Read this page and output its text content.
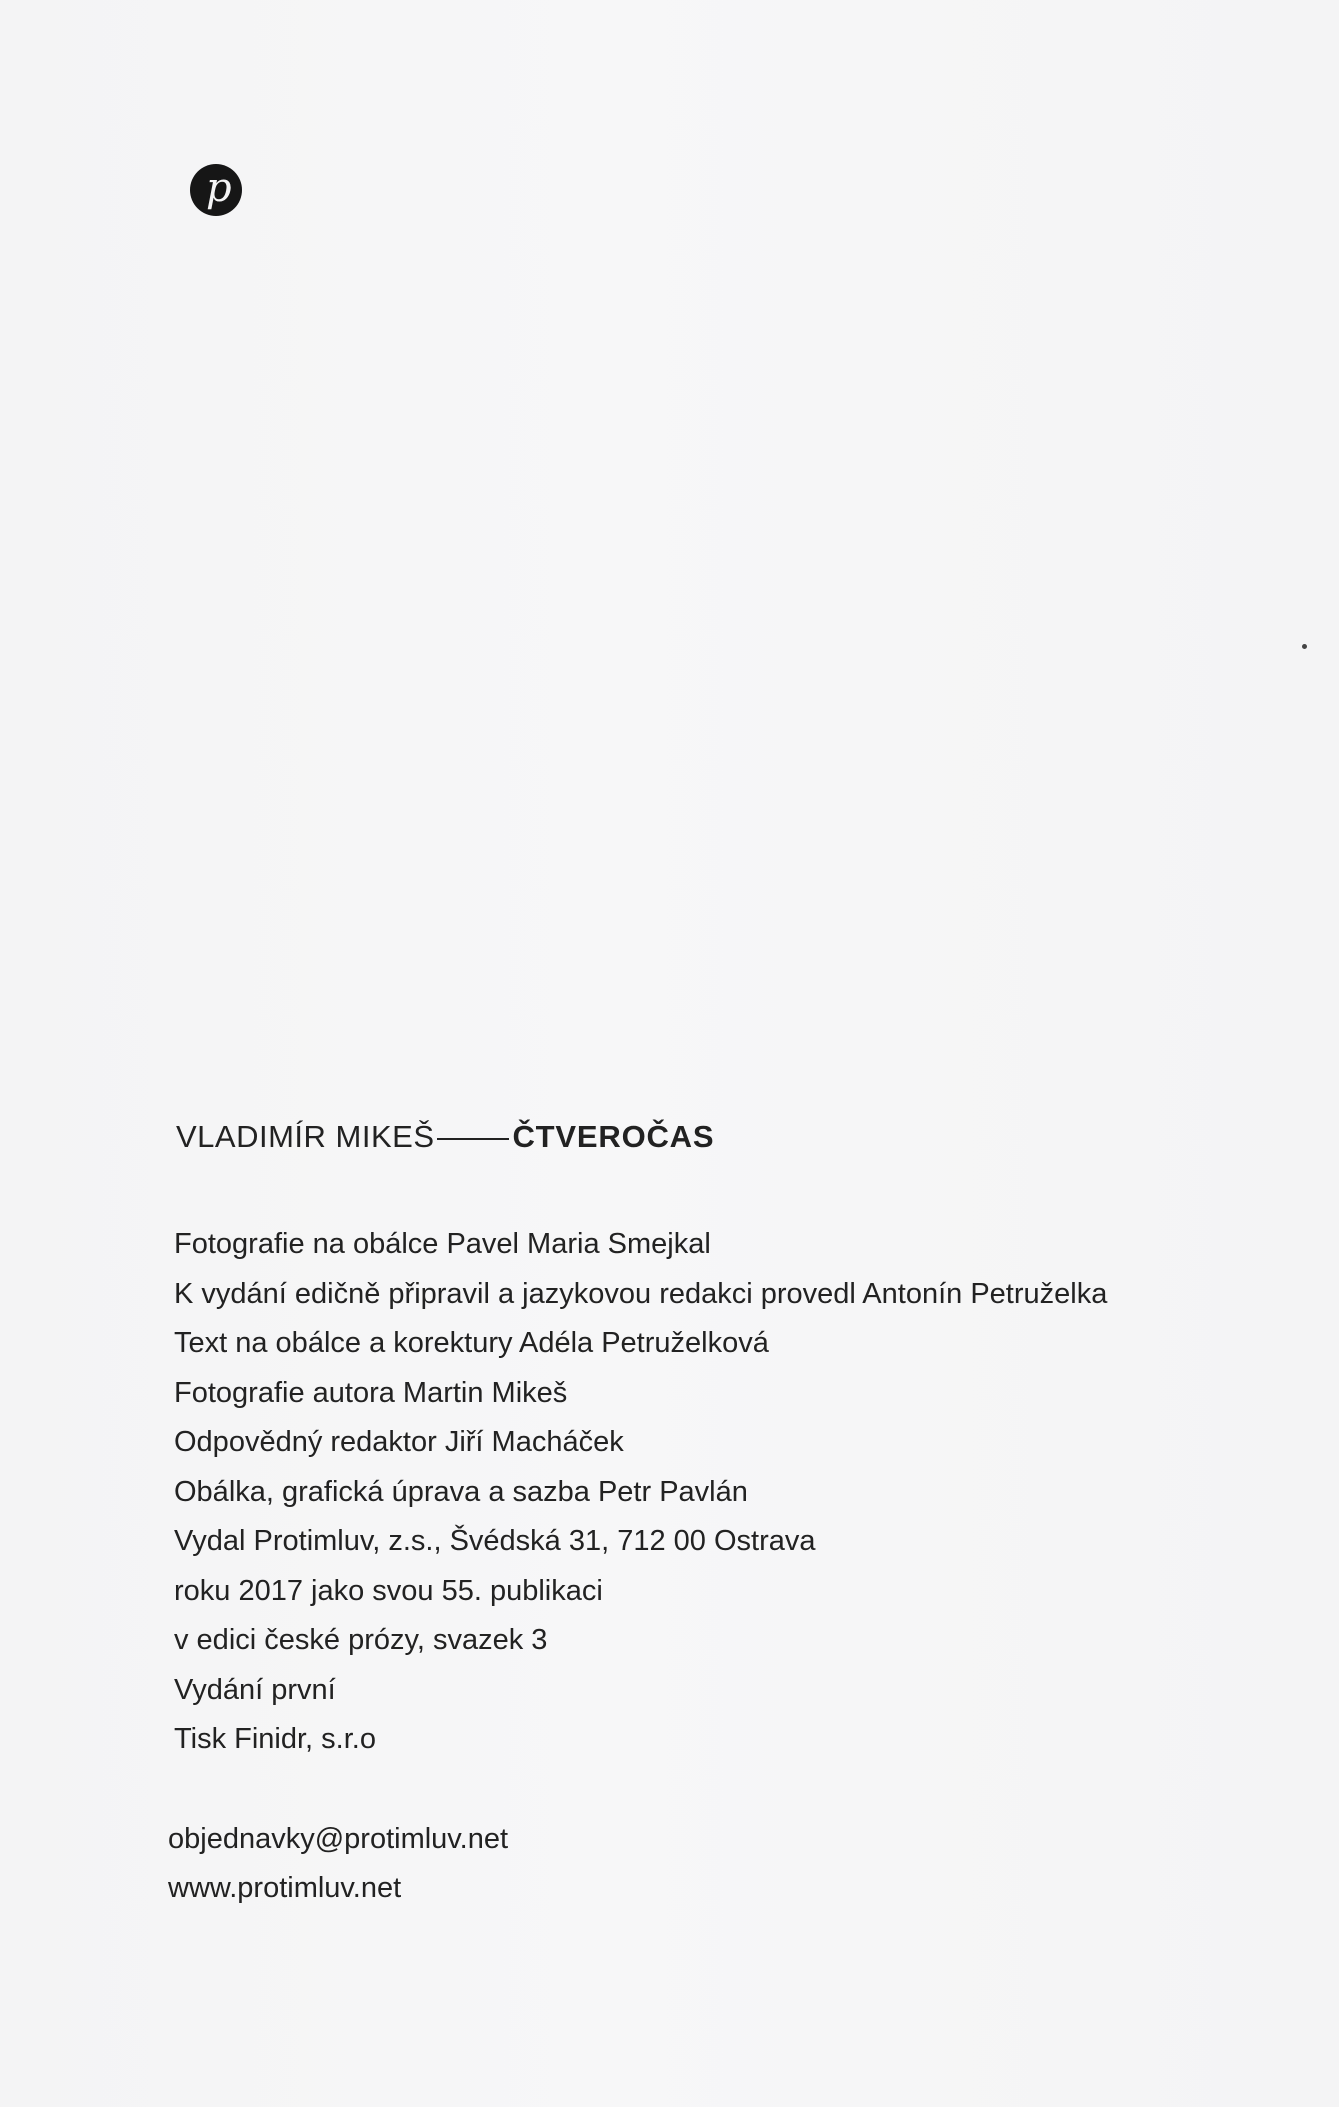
p
VLADIMÍR MIKEŠ	ČTVEROČAS
Fotografie na obálce Pavel Maria Smejkal
K vydání edičně připravil a jazykovou redakci provedl Antonín Petruželka
Text na obálce a korektury Adéla Petruželková
Fotografie autora Martin Mikeš
Odpovědný redaktor Jiří Macháček
Obálka, grafická úprava a sazba Petr Pavlán
Vydal Protimluv, z.s., Švédská 31, 712 00 Ostrava
roku 2017 jako svou 55. publikaci
v edici české prózy, svazek 3
Vydání první
Tisk Finidr, s.r.o
objednavky@protimluv.net
www.protimluv.net
